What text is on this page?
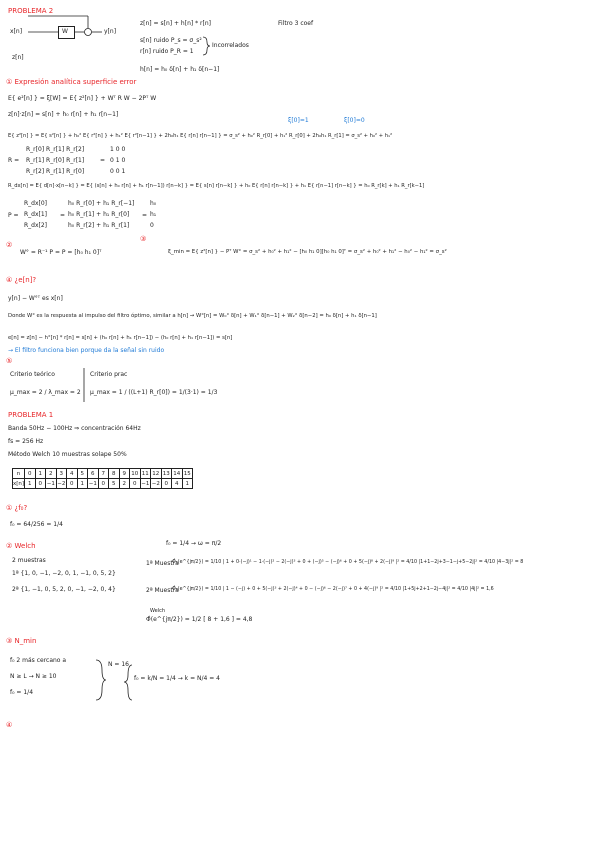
PROBLEMA 2
x[n]	W	y[n]
z[n]
z[n] = s[n] + h[n] * r[n]
s[n] ruido P_s = σ_s²
r[n] ruido P_R = 1
Incorrelados
Filtro 3 coef
h[n] = h₀ δ[n] + h₁ δ[n−1]
① Expresión analítica superficie error
E{ e²[n] } = ξ[W] = E{ z²[n] } + Wᵀ R W − 2Pᵀ W
z[n]·z[n] = s[n] + h₀ r[n] + h₁ r[n−1]
ξ[0]=1	ξ[0]=0
E{ z²[n] } = E{ s²[n] } + h₀² E{ r²[n] } + h₁² E{ r²[n−1] } + 2h₀h₁ E{ r[n] r[n−1] } = σ_s² + h₀² R_r[0] + h₁² R_r[0] + 2h₀h₁ R_r[1] = σ_s² + h₀² + h₁²
R =
R_r[0] R_r[1] R_r[2]
R_r[1] R_r[0] R_r[1]
R_r[2] R_r[1] R_r[0]
=
1 0 0
0 1 0
0 0 1
R_dx[n] = E{ d[n]·x[n−k] } = E{ (s[n] + h₀ r[n] + h₁ r[n−1]) r[n−k] } = E{ s[n] r[n−k] } + h₀ E{ r[n] r[n−k] } + h₁ E{ r[n−1] r[n−k] } = h₀ R_r[k] + h₁ R_r[k−1]
P =
R_dx[0]
R_dx[1]
R_dx[2]
=
h₀ R_r[0] + h₁ R_r[−1]
h₀ R_r[1] + h₁ R_r[0]
h₀ R_r[2] + h₁ R_r[1]
=
h₀
h₁
0
②
W° = R⁻¹ P = P = [h₀ h₁ 0]ᵀ
③
ξ_min = E{ z²[n] } − Pᵀ W° = σ_s² + h₀² + h₁² − [h₀ h₁ 0][h₀ h₁ 0]ᵀ = σ_s² + h₀² + h₁² − h₀² − h₁² = σ_s²
④ ¿e[n]?
y[n] − W°ᵀ es x[n]
Donde W° es la respuesta al impulso del filtro óptimo, similar a h[n] → W°[n] = W₀° δ[n] + W₁° δ[n−1] + W₂° δ[n−2] = h₀ δ[n] + h₁ δ[n−1]
e[n] = z[n] − h°[n] * r[n] = s[n] + (h₀ r[n] + h₁ r[n−1]) − (h₀ r[n] + h₁ r[n−1]) = s[n]
→ El filtro funciona bien porque da la señal sin ruido
⑤
Criterio teórico
μ_max = 2 / λ_max = 2
Criterio prac
μ_max = 1 / ((L+1) R_r[0]) = 1/(3·1) = 1/3
PROBLEMA 1
Banda 50Hz − 100Hz ⇒ concentración 64Hz
fs = 256 Hz
Método Welch 10 muestras solape 50%
n	0	1	2	3	4	5	6	7	8	9	10	11	12	13	14	15
x[n]	1	0	−1	−2	0	1	−1	0	5	2	0	−1	−2	0	4	1
① ¿f₀?
f₀ = 64/256 = 1/4
② Welch	f₀ = 1/4 → ω = π/2
2 muestras
1ª {1, 0, −1, −2, 0, 1, −1, 0, 5, 2}
2ª {1, −1, 0, 5, 2, 0, −1, −2, 0, 4}
1ª Muestra
Φ̂₁(e^{jπ/2}) = 1/10 | 1 + 0·(−j)¹ − 1·(−j)² − 2(−j)³ + 0 + (−j)⁵ − (−j)⁶ + 0 + 5(−j)⁸ + 2(−j)⁹ |² = 4/10 |1+1−2j+3−1−j+5−2j|² = 4/10 |4−3j|² = 8
2ª Muestra
Φ̂₂(e^{jπ/2}) = 1/10 | 1 − (−j) + 0 + 5(−j)³ + 2(−j)⁴ + 0 − (−j)⁶ − 2(−j)⁷ + 0 + 4(−j)⁹ |² = 4/10 |1+5j+2+1−2j−4j|² = 4/10 |4j|² = 1,6
Welch
Φ̂(e^{jπ/2}) = 1/2 [ 8 + 1,6 ] = 4,8
③ N_min
f₀ 2 más cercano a
N ≥ L → N ≥ 10
f₀ = 1/4
N = 16
f₀ = k/N = 1/4 → k = N/4 = 4
④
